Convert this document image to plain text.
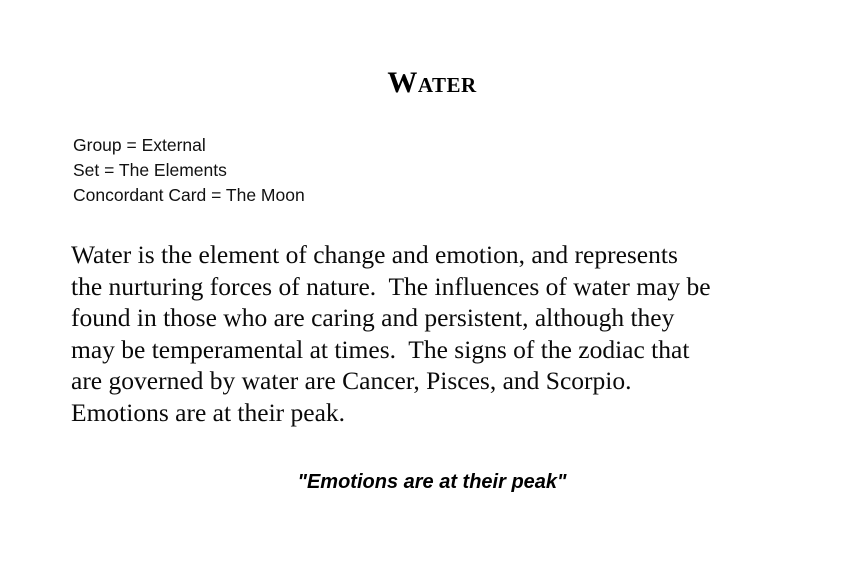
Water
Group = External
Set = The Elements
Concordant Card = The Moon
Water is the element of change and emotion, and represents
the nurturing forces of nature.  The influences of water may be
found in those who are caring and persistent, although they
may be temperamental at times.  The signs of the zodiac that
are governed by water are Cancer, Pisces, and Scorpio.
Emotions are at their peak.
"Emotions are at their peak"
